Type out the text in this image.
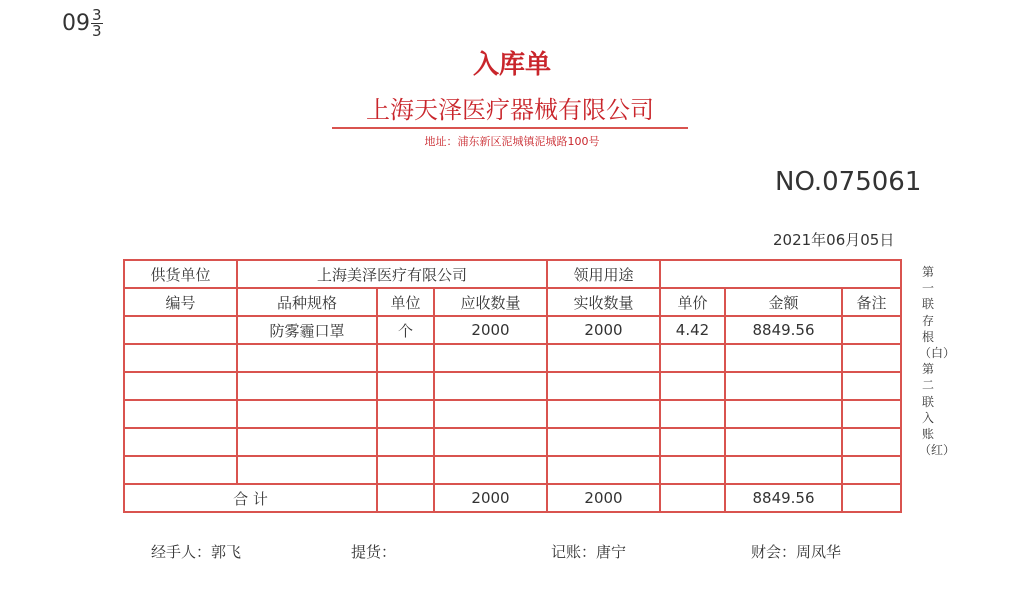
$09 \frac{3}{3}$
入库单
上海天泽医疗器械有限公司
地址：浦东新区泥城镇泥城路100号
NO.075061
2021年06月05日
供货单位	上海美泽医疗有限公司			领用用途			
编号	品种规格	单位	应收数量	实收数量	单价	金额	备注
	防雾霾口罩	个	2000	2000	4.42	8849.56	

合 计			2000	2000		8849.56	
第一联存根（白）第二联入账（红）
经手人：郭飞	提货：	记账：唐宁	财会：周凤华
